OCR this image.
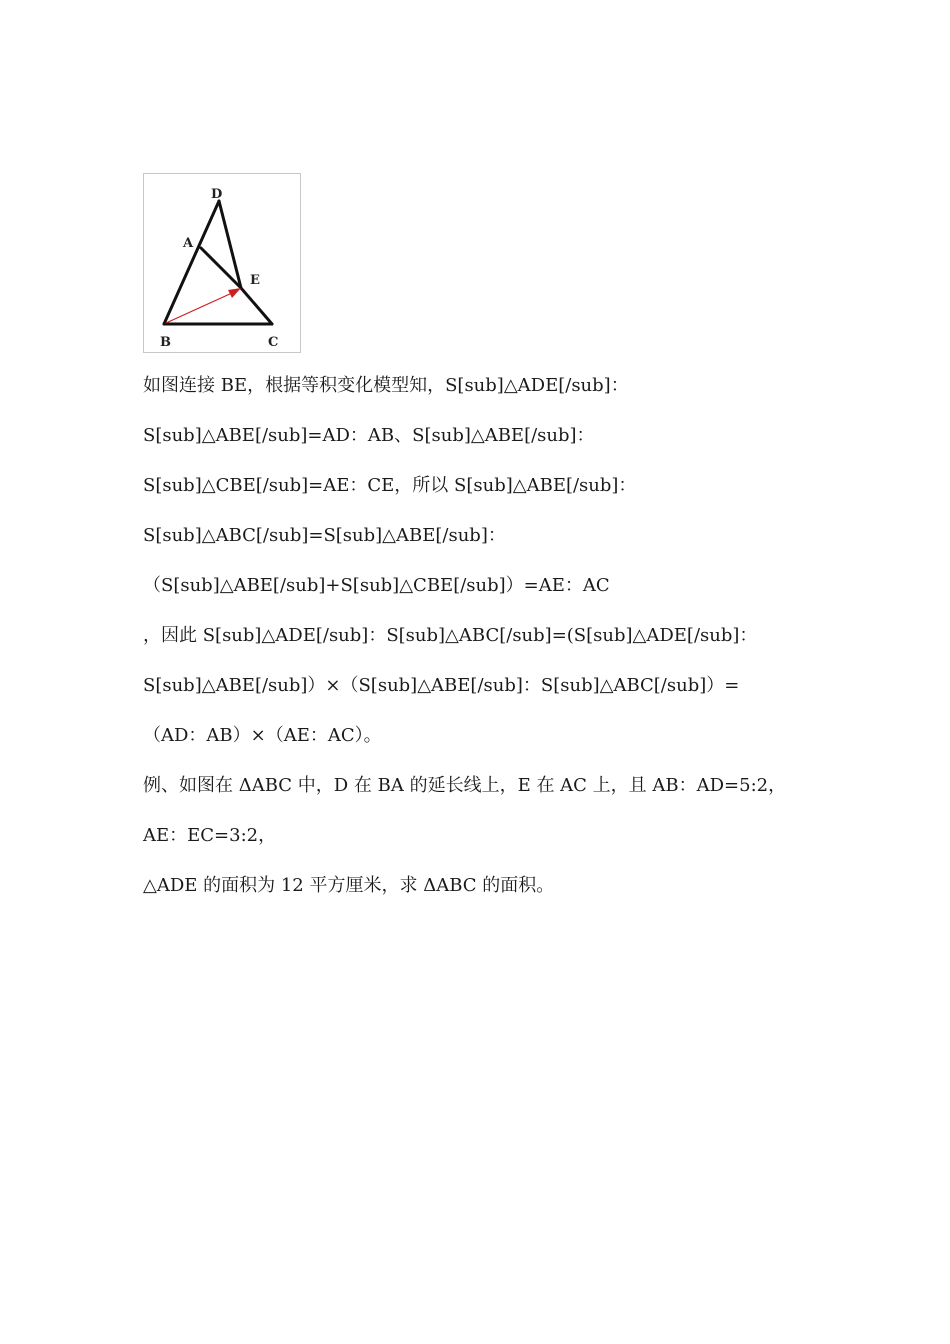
D
A
E
B	C
如图连接 BE，根据等积变化模型知，S[sub]△ADE[/sub]：
S[sub]△ABE[/sub]=AD：AB、S[sub]△ABE[/sub]：
S[sub]△CBE[/sub]=AE：CE，所以 S[sub]△ABE[/sub]：
S[sub]△ABC[/sub]=S[sub]△ABE[/sub]：
（S[sub]△ABE[/sub]+S[sub]△CBE[/sub]）=AE：AC
，因此 S[sub]△ADE[/sub]：S[sub]△ABC[/sub]=(S[sub]△ADE[/sub]：
S[sub]△ABE[/sub]）×（S[sub]△ABE[/sub]：S[sub]△ABC[/sub]）=
（AD：AB）×（AE：AC）。
例、如图在 ΔABC 中，D 在 BA 的延长线上，E 在 AC 上，且 AB：AD=5:2，
AE：EC=3:2，
△ADE 的面积为 12 平方厘米，求 ΔABC 的面积。
